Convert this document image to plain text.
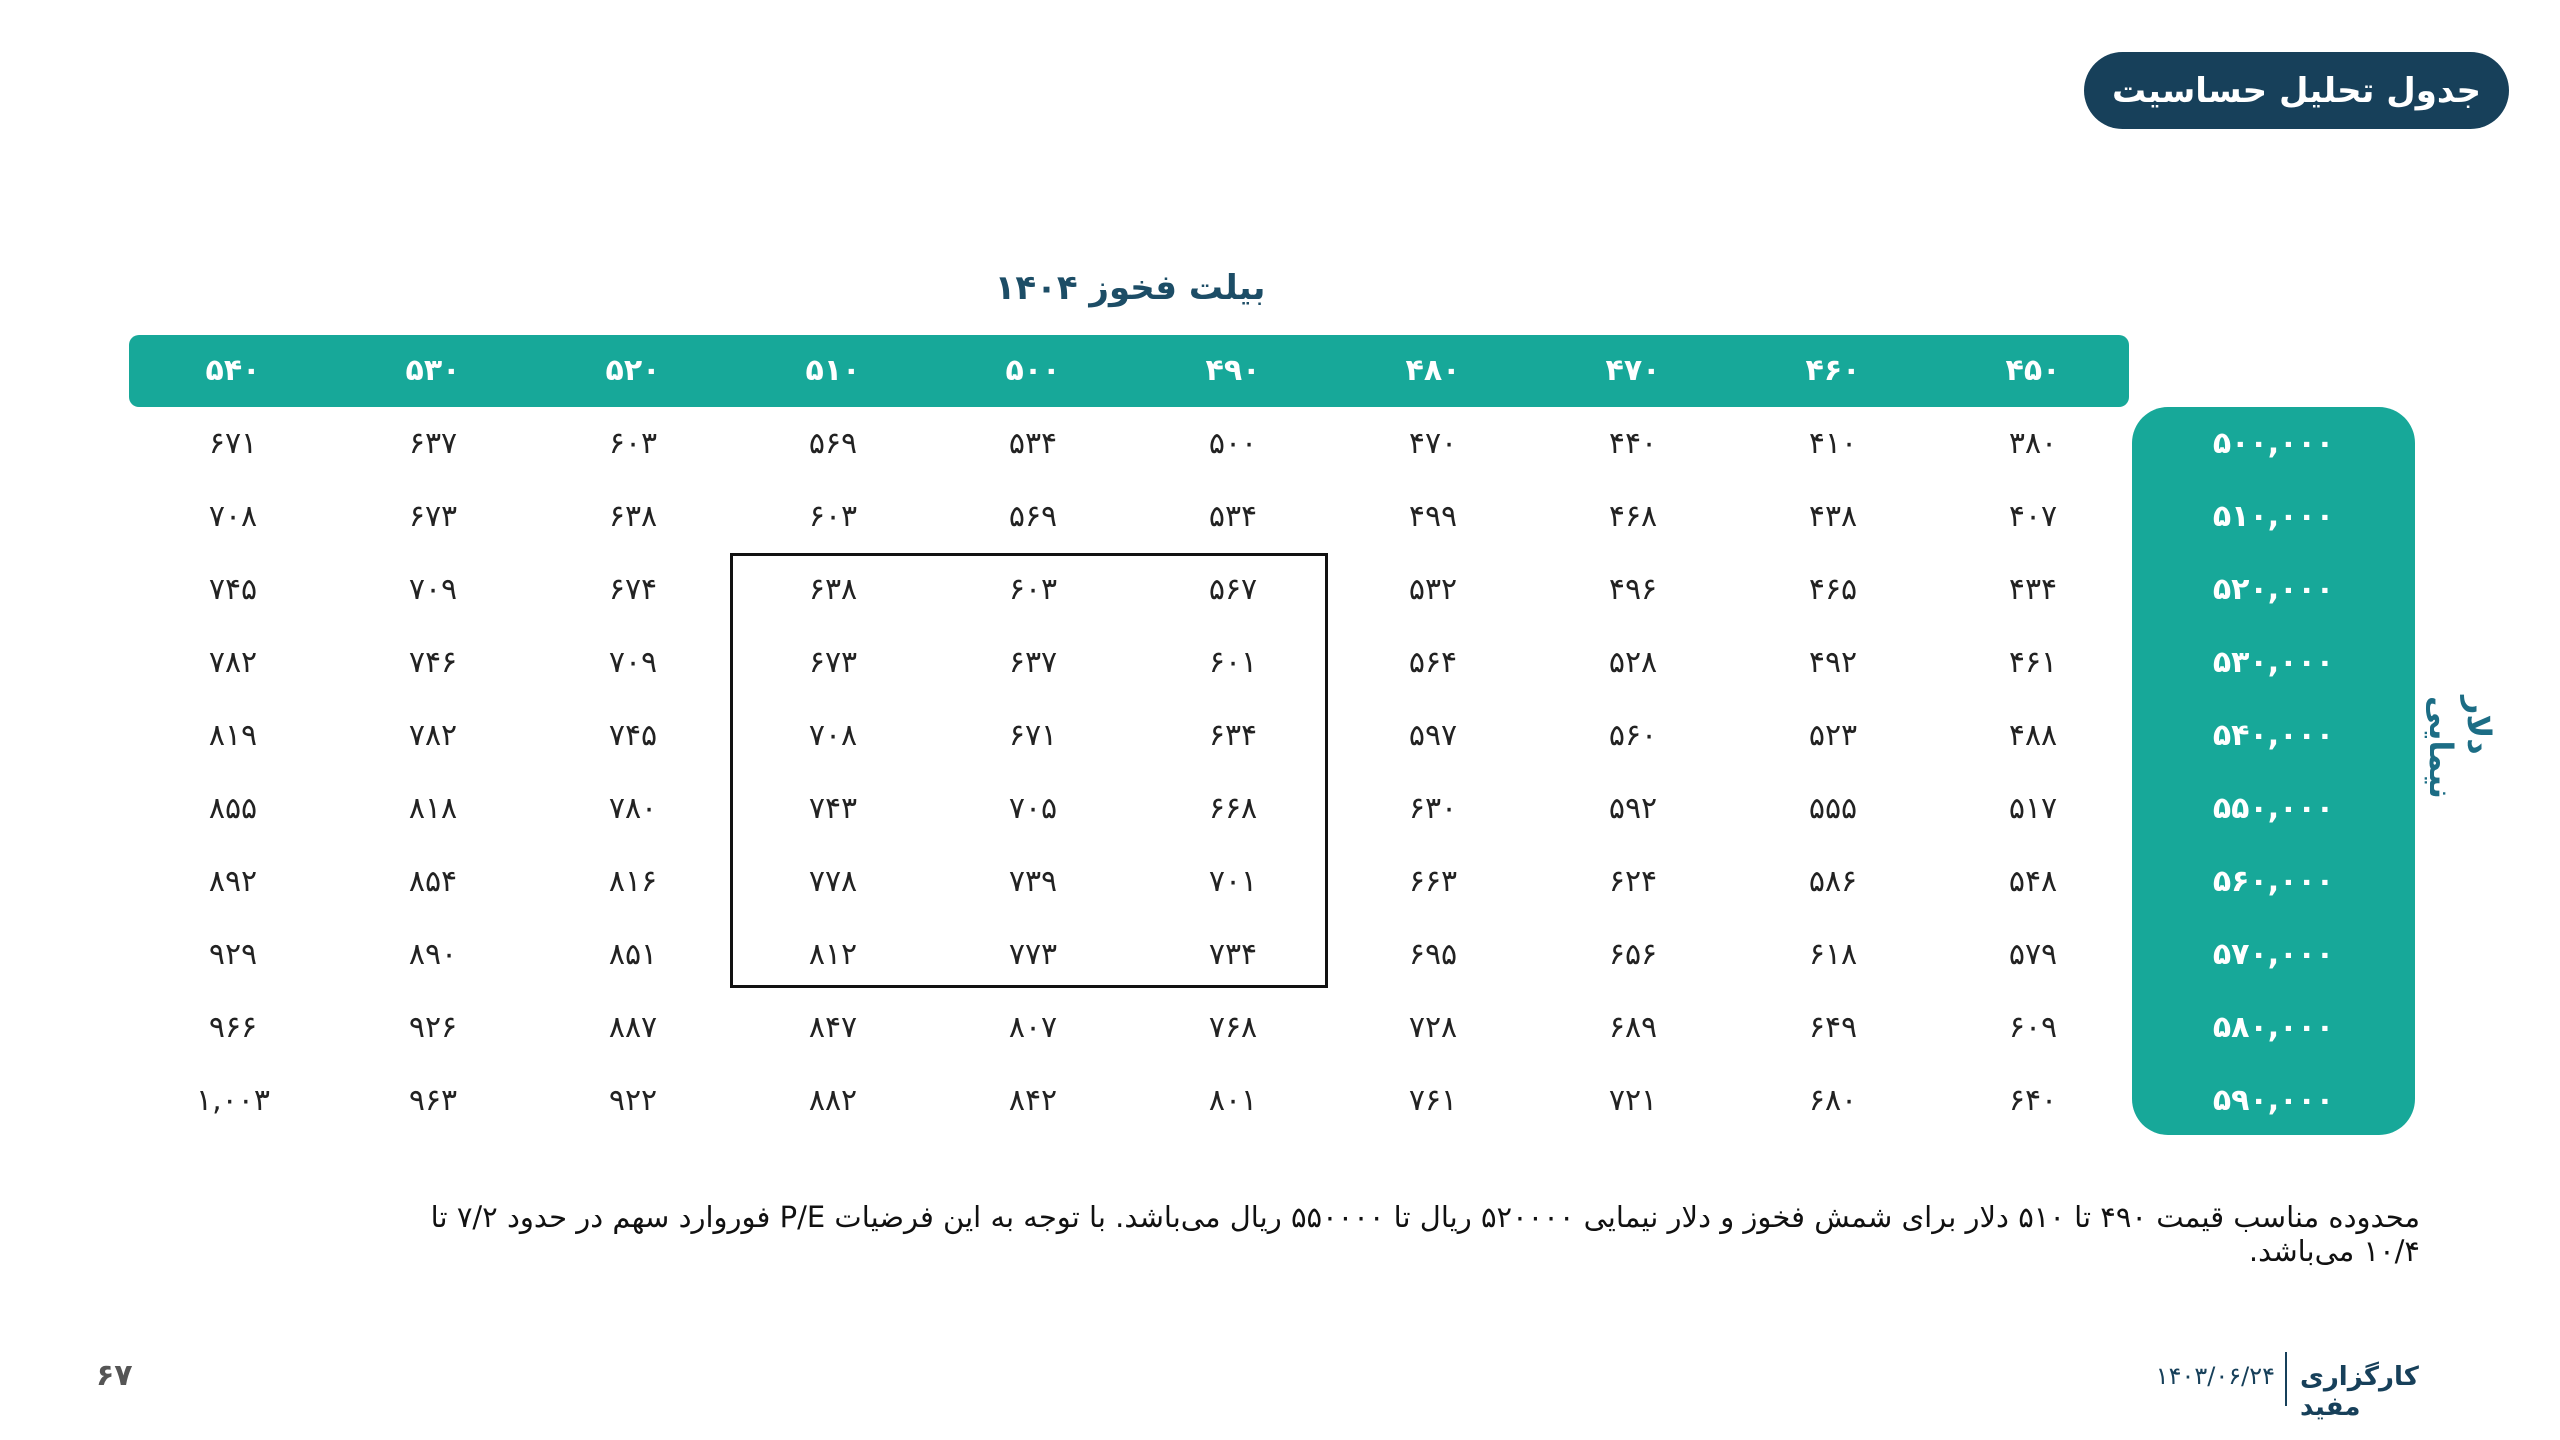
جدول تحلیل حساسیت
بیلت فخوز ۱۴۰۴
۴۵۰
۴۶۰
۴۷۰
۴۸۰
۴۹۰
۵۰۰
۵۱۰
۵۲۰
۵۳۰
۵۴۰
۵۰۰,۰۰۰
۵۱۰,۰۰۰
۵۲۰,۰۰۰
۵۳۰,۰۰۰
۵۴۰,۰۰۰
۵۵۰,۰۰۰
۵۶۰,۰۰۰
۵۷۰,۰۰۰
۵۸۰,۰۰۰
۵۹۰,۰۰۰
دلار نیمایی
۳۸۰
۴۱۰
۴۴۰
۴۷۰
۵۰۰
۵۳۴
۵۶۹
۶۰۳
۶۳۷
۶۷۱
۴۰۷
۴۳۸
۴۶۸
۴۹۹
۵۳۴
۵۶۹
۶۰۳
۶۳۸
۶۷۳
۷۰۸
۴۳۴
۴۶۵
۴۹۶
۵۳۲
۵۶۷
۶۰۳
۶۳۸
۶۷۴
۷۰۹
۷۴۵
۴۶۱
۴۹۲
۵۲۸
۵۶۴
۶۰۱
۶۳۷
۶۷۳
۷۰۹
۷۴۶
۷۸۲
۴۸۸
۵۲۳
۵۶۰
۵۹۷
۶۳۴
۶۷۱
۷۰۸
۷۴۵
۷۸۲
۸۱۹
۵۱۷
۵۵۵
۵۹۲
۶۳۰
۶۶۸
۷۰۵
۷۴۳
۷۸۰
۸۱۸
۸۵۵
۵۴۸
۵۸۶
۶۲۴
۶۶۳
۷۰۱
۷۳۹
۷۷۸
۸۱۶
۸۵۴
۸۹۲
۵۷۹
۶۱۸
۶۵۶
۶۹۵
۷۳۴
۷۷۳
۸۱۲
۸۵۱
۸۹۰
۹۲۹
۶۰۹
۶۴۹
۶۸۹
۷۲۸
۷۶۸
۸۰۷
۸۴۷
۸۸۷
۹۲۶
۹۶۶
۶۴۰
۶۸۰
۷۲۱
۷۶۱
۸۰۱
۸۴۲
۸۸۲
۹۲۲
۹۶۳
۱,۰۰۳
محدوده مناسب قیمت ۴۹۰ تا ۵۱۰ دلار برای شمش فخوز و دلار نیمایی ۵۲۰۰۰۰ ریال تا ۵۵۰۰۰۰ ریال می‌باشد. با توجه به این فرضیات P/E فوروارد سهم در حدود ۷/۲ تا ۱۰/۴ می‌باشد.
کارگزاری مفید
۱۴۰۳/۰۶/۲۴
۶۷
